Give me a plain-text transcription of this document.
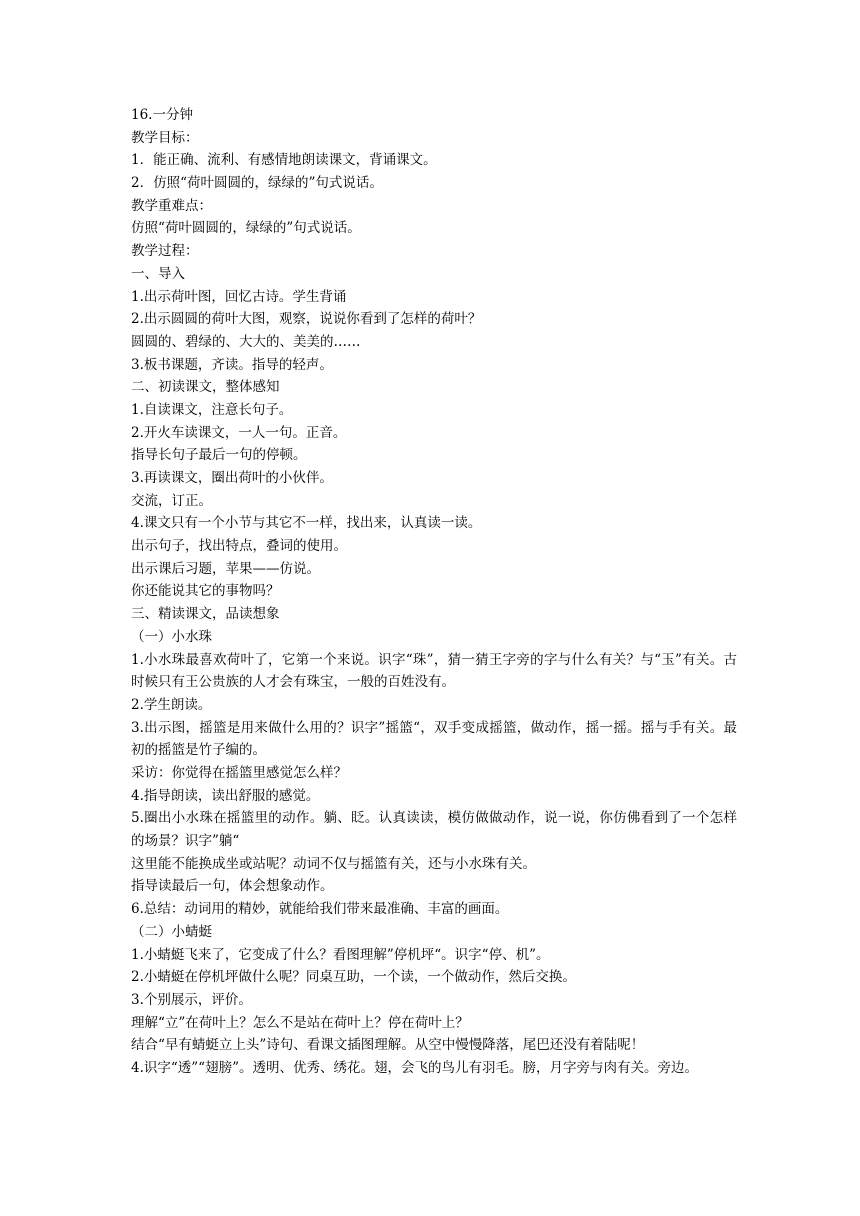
16.一分钟
教学目标：
1．能正确、流利、有感情地朗读课文，背诵课文。
2．仿照“荷叶圆圆的，绿绿的”句式说话。
教学重难点：
仿照“荷叶圆圆的，绿绿的”句式说话。
教学过程：
一、导入
1.出示荷叶图，回忆古诗。学生背诵
2.出示圆圆的荷叶大图，观察，说说你看到了怎样的荷叶？
圆圆的、碧绿的、大大的、美美的……
3.板书课题，齐读。指导的轻声。
二、初读课文，整体感知
1.自读课文，注意长句子。
2.开火车读课文，一人一句。正音。
指导长句子最后一句的停顿。
3.再读课文，圈出荷叶的小伙伴。
交流，订正。
4.课文只有一个小节与其它不一样，找出来，认真读一读。
出示句子，找出特点，叠词的使用。
出示课后习题，苹果——仿说。
你还能说其它的事物吗？
三、精读课文，品读想象
（一）小水珠
1.小水珠最喜欢荷叶了，它第一个来说。识字“珠”，猜一猜王字旁的字与什么有关？与“玉”有关。古时候只有王公贵族的人才会有珠宝，一般的百姓没有。
2.学生朗读。
3.出示图，摇篮是用来做什么用的？识字”摇篮“，双手变成摇篮，做动作，摇一摇。摇与手有关。最初的摇篮是竹子编的。
采访：你觉得在摇篮里感觉怎么样？
4.指导朗读，读出舒服的感觉。
5.圈出小水珠在摇篮里的动作。躺、眨。认真读读，模仿做做动作，说一说，你仿佛看到了一个怎样的场景？识字”躺“
这里能不能换成坐或站呢？动词不仅与摇篮有关，还与小水珠有关。
指导读最后一句，体会想象动作。
6.总结：动词用的精妙，就能给我们带来最准确、丰富的画面。
（二）小蜻蜓
1.小蜻蜓飞来了，它变成了什么？看图理解”停机坪“。识字“停、机”。
2.小蜻蜓在停机坪做什么呢？同桌互助，一个读，一个做动作，然后交换。
3.个别展示，评价。
理解“立”在荷叶上？怎么不是站在荷叶上？停在荷叶上？
结合“早有蜻蜓立上头”诗句、看课文插图理解。从空中慢慢降落，尾巴还没有着陆呢！
4.识字“透”“翅膀”。透明、优秀、绣花。翅，会飞的鸟儿有羽毛。膀，月字旁与肉有关。旁边。
